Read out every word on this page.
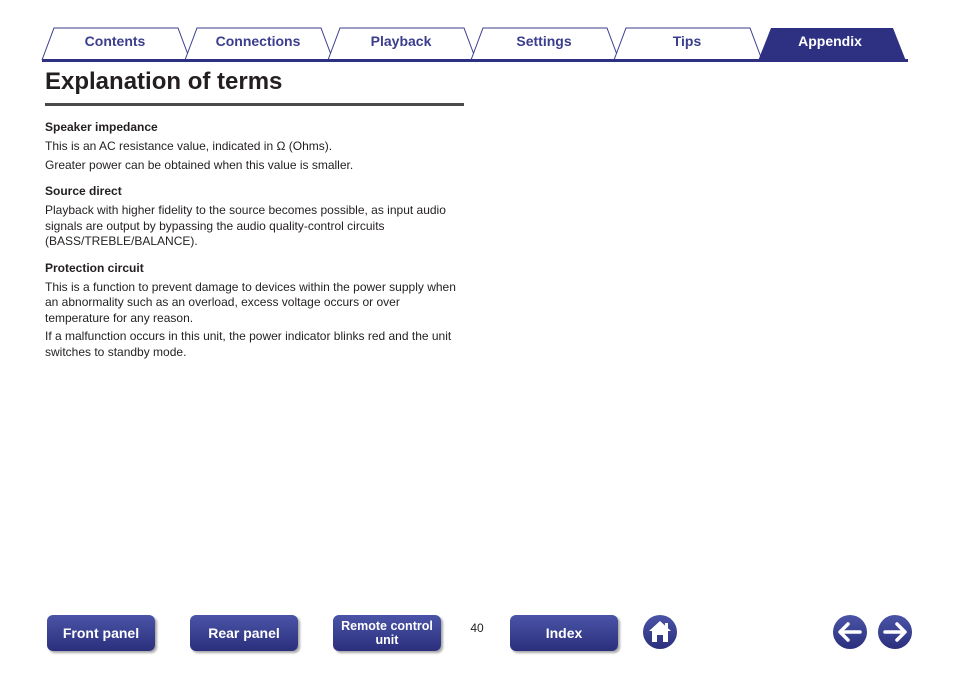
Contents	Connections	Playback	Settings	Tips	Appendix
Explanation of terms

Speaker impedance

This is an AC resistance value, indicated in Ω (Ohms).

Greater power can be obtained when this value is smaller.

Source direct

Playback with higher fidelity to the source becomes possible, as input audio signals are output by bypassing the audio quality-control circuits (BASS/TREBLE/BALANCE).

Protection circuit

This is a function to prevent damage to devices within the power supply when an abnormality such as an overload, excess voltage occurs or over temperature for any reason.

If a malfunction occurs in this unit, the power indicator blinks red and the unit switches to standby mode.

Front panel	Rear panel	Remote control
unit
40	Index
